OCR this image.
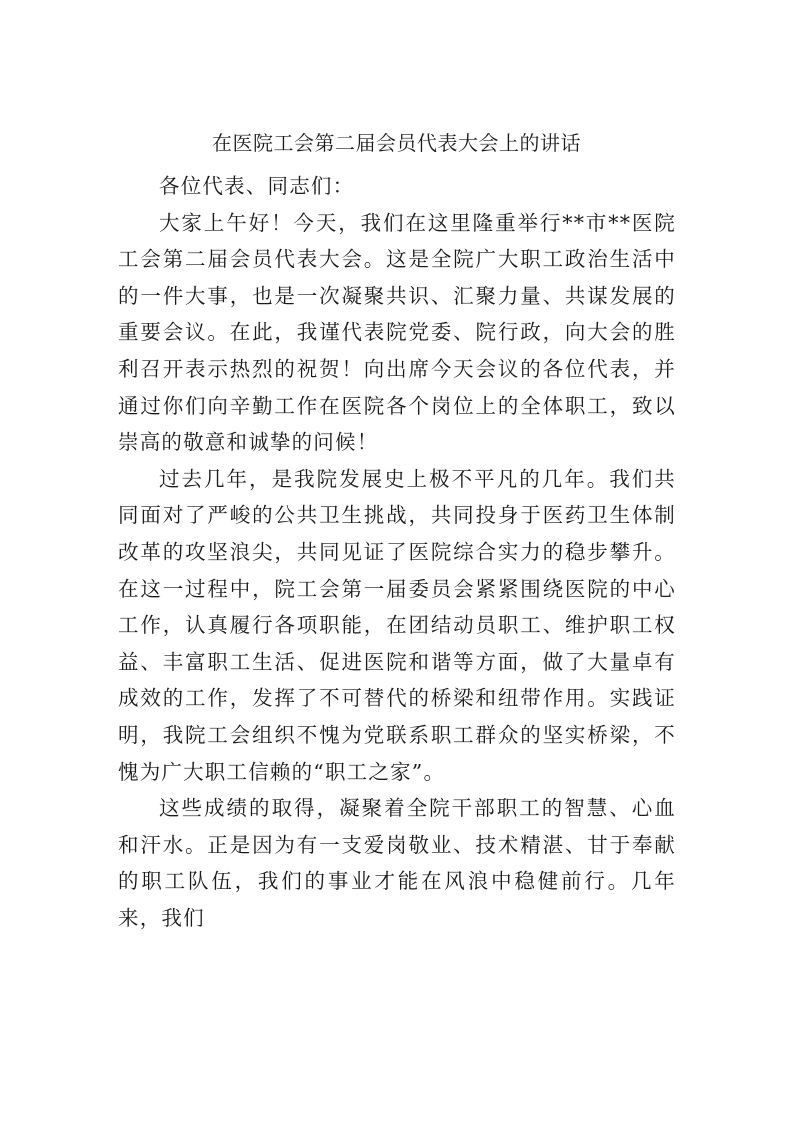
在医院工会第二届会员代表大会上的讲话

各位代表、同志们：

大家上午好！今天，我们在这里隆重举行**市**医院工会第二届会员代表大会。这是全院广大职工政治生活中的一件大事，也是一次凝聚共识、汇聚力量、共谋发展的重要会议。在此，我谨代表院党委、院行政，向大会的胜利召开表示热烈的祝贺！向出席今天会议的各位代表，并通过你们向辛勤工作在医院各个岗位上的全体职工，致以崇高的敬意和诚挚的问候！

过去几年，是我院发展史上极不平凡的几年。我们共同面对了严峻的公共卫生挑战，共同投身于医药卫生体制改革的攻坚浪尖，共同见证了医院综合实力的稳步攀升。在这一过程中，院工会第一届委员会紧紧围绕医院的中心工作，认真履行各项职能，在团结动员职工、维护职工权益、丰富职工生活、促进医院和谐等方面，做了大量卓有成效的工作，发挥了不可替代的桥梁和纽带作用。实践证明，我院工会组织不愧为党联系职工群众的坚实桥梁，不愧为广大职工信赖的“职工之家”。

这些成绩的取得，凝聚着全院干部职工的智慧、心血和汗水。正是因为有一支爱岗敬业、技术精湛、甘于奉献的职工队伍，我们的事业才能在风浪中稳健前行。几年来，我们
